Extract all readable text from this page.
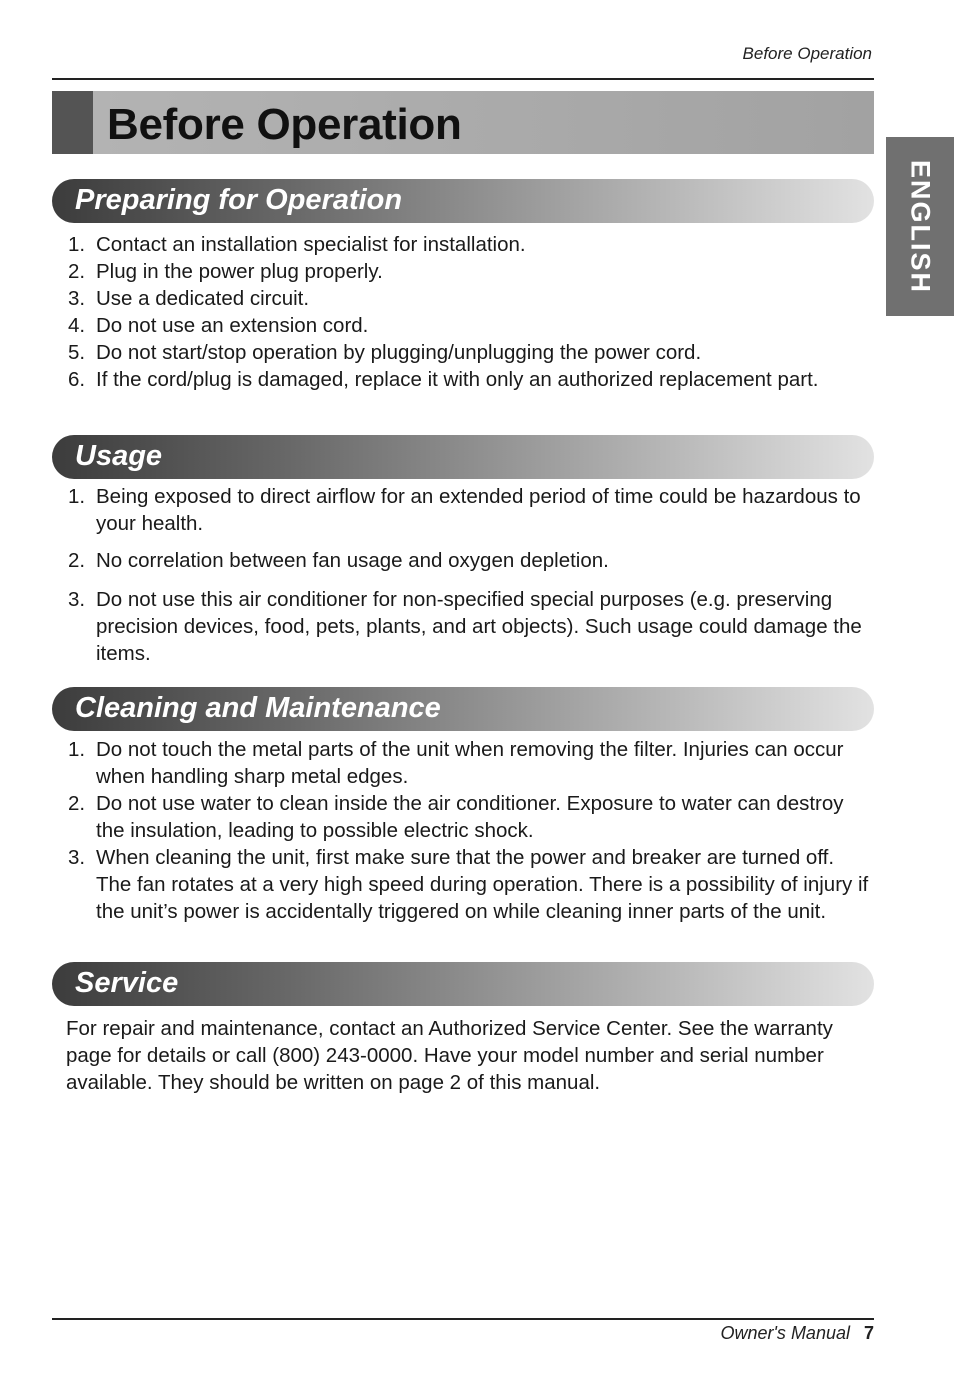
Before Operation
Before Operation
ENGLISH
Preparing for Operation
1. Contact an installation specialist for installation.
2. Plug in the power plug properly.
3. Use a dedicated circuit.
4. Do not use an extension cord.
5. Do not start/stop operation by plugging/unplugging the power cord.
6. If the cord/plug is damaged, replace it with only an authorized replacement part.
Usage
1. Being exposed to direct airflow for an extended period of time could be hazardous to your health.
2. No correlation between fan usage and oxygen depletion.
3. Do not use this air conditioner for non-specified special purposes (e.g. preserving precision devices, food, pets, plants, and art objects). Such usage could damage the items.
Cleaning and Maintenance
1. Do not touch the metal parts of the unit when removing the filter. Injuries can occur when handling sharp metal edges.
2. Do not use water to clean inside the air conditioner. Exposure to water can destroy the insulation, leading to possible electric shock.
3. When cleaning the unit, first make sure that the power and breaker are turned off. The fan rotates at a very high speed during operation. There is a possibility of injury if the unit’s power is accidentally triggered on while cleaning inner parts of the unit.
Service

For repair and maintenance, contact an Authorized Service Center. See the warranty page for details or call (800) 243-0000. Have your model number and serial number available. They should be written on page 2 of this manual.

Owner's Manual 7
